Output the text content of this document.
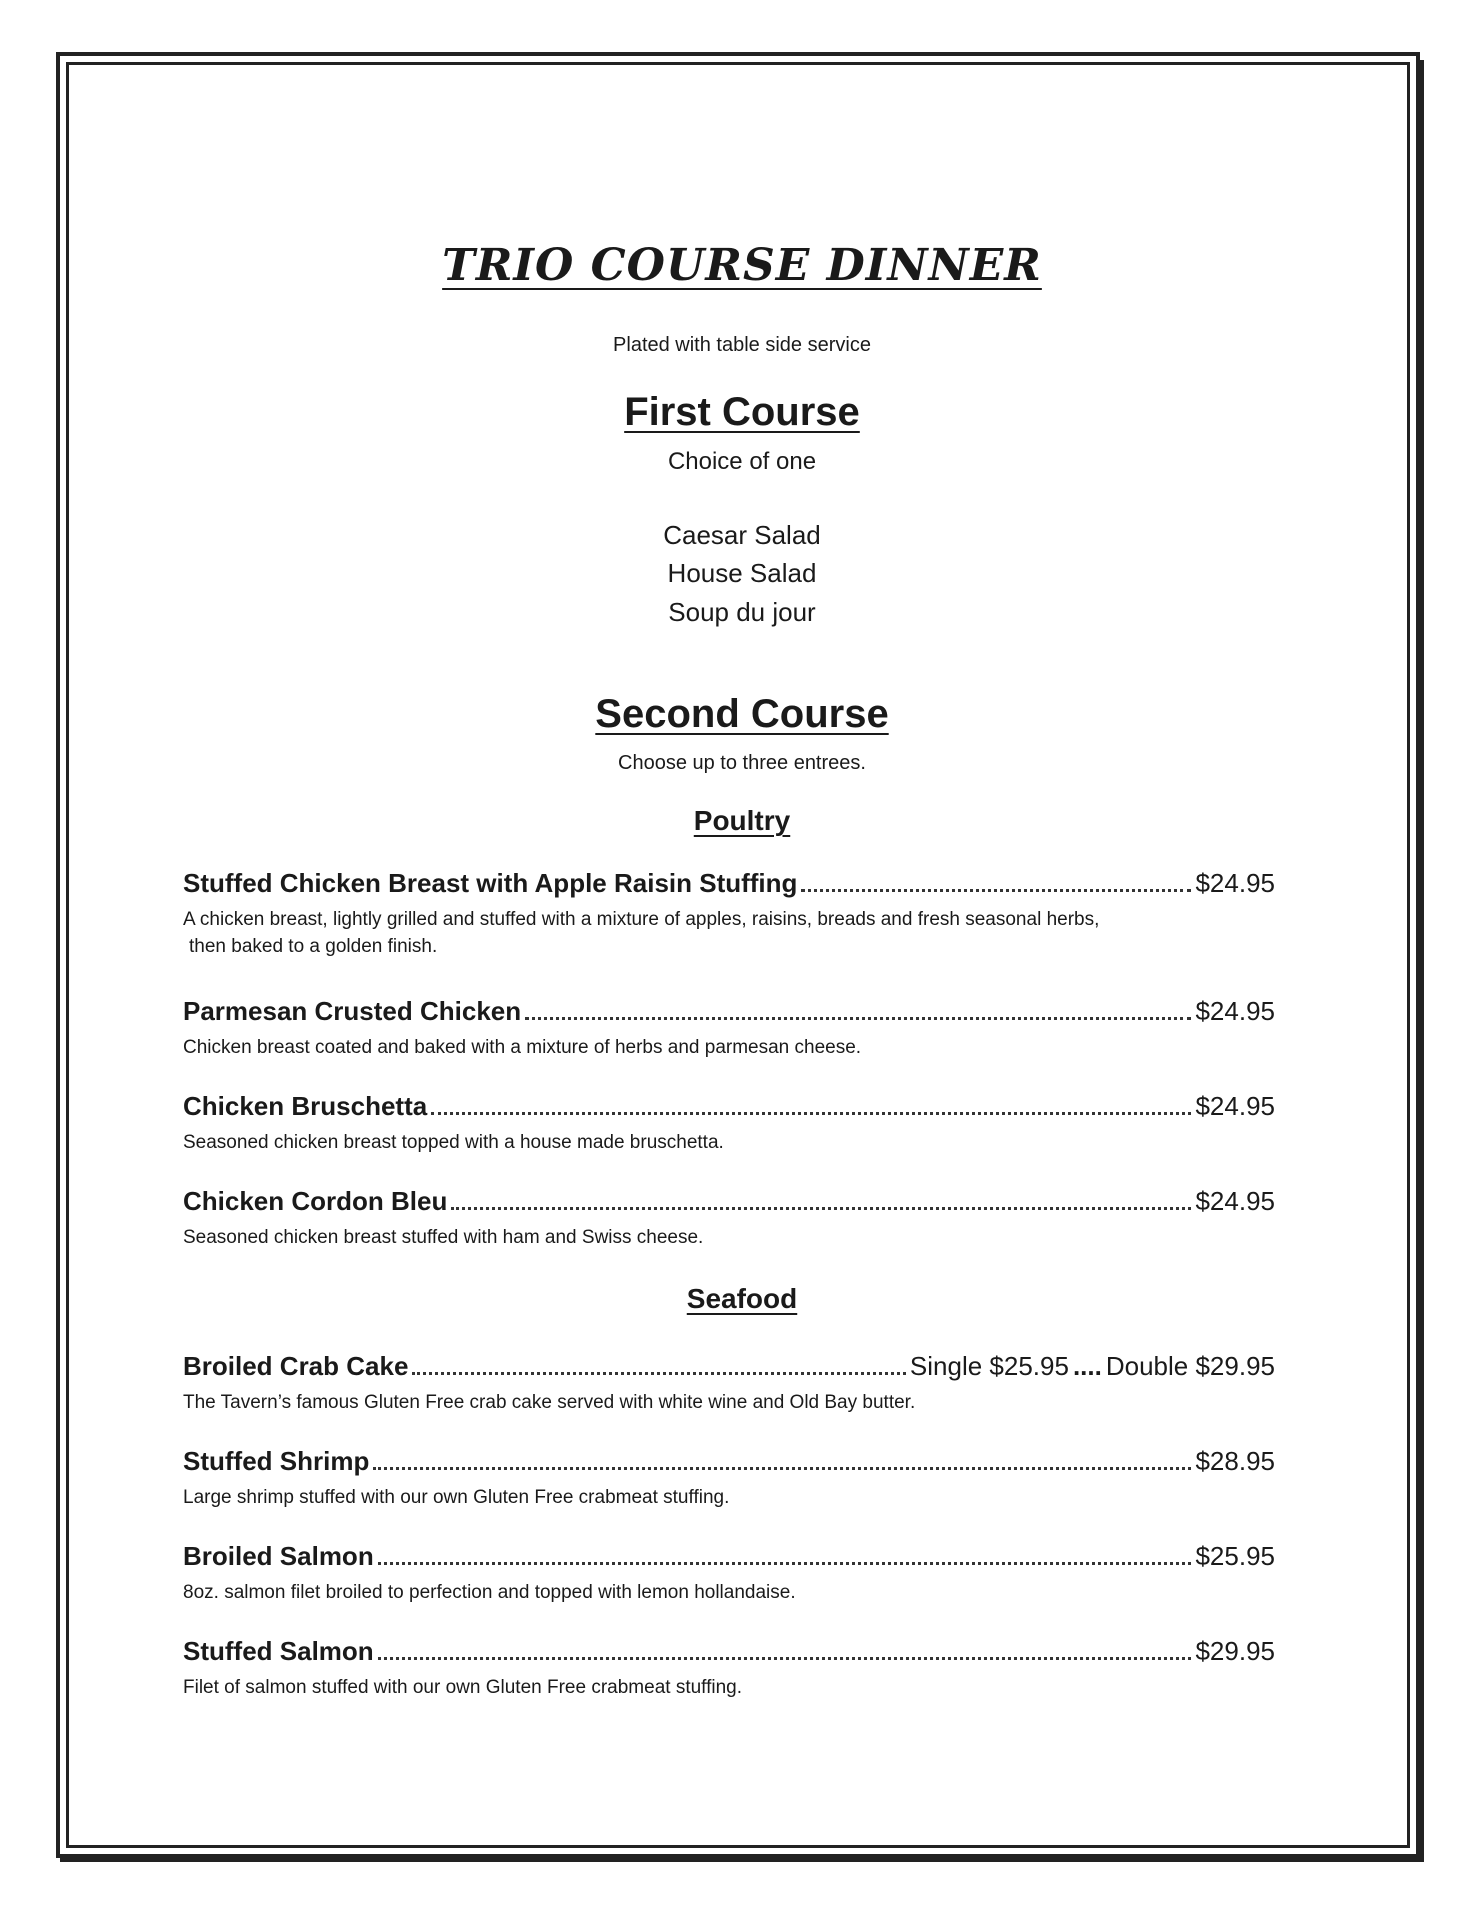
TRIO COURSE DINNER
Plated with table side service
First Course
Choice of one
Caesar Salad
House Salad
Soup du jour
Second Course
Choose up to three entrees.
Poultry
Stuffed Chicken Breast with Apple Raisin Stuffing	$24.95
A chicken breast, lightly grilled and stuffed with a mixture of apples, raisins, breads and fresh seasonal herbs,
then baked to a golden finish.
Parmesan Crusted Chicken	$24.95
Chicken breast coated and baked with a mixture of herbs and parmesan cheese.
Chicken Bruschetta	$24.95
Seasoned chicken breast topped with a house made bruschetta.
Chicken Cordon Bleu	$24.95
Seasoned chicken breast stuffed with ham and Swiss cheese.
Seafood
Broiled Crab Cake	Single $25.95 .... Double $29.95
The Tavern’s famous Gluten Free crab cake served with white wine and Old Bay butter.
Stuffed Shrimp	$28.95
Large shrimp stuffed with our own Gluten Free crabmeat stuffing.
Broiled Salmon	$25.95
8oz. salmon filet broiled to perfection and topped with lemon hollandaise.
Stuffed Salmon	$29.95
Filet of salmon stuffed with our own Gluten Free crabmeat stuffing.
